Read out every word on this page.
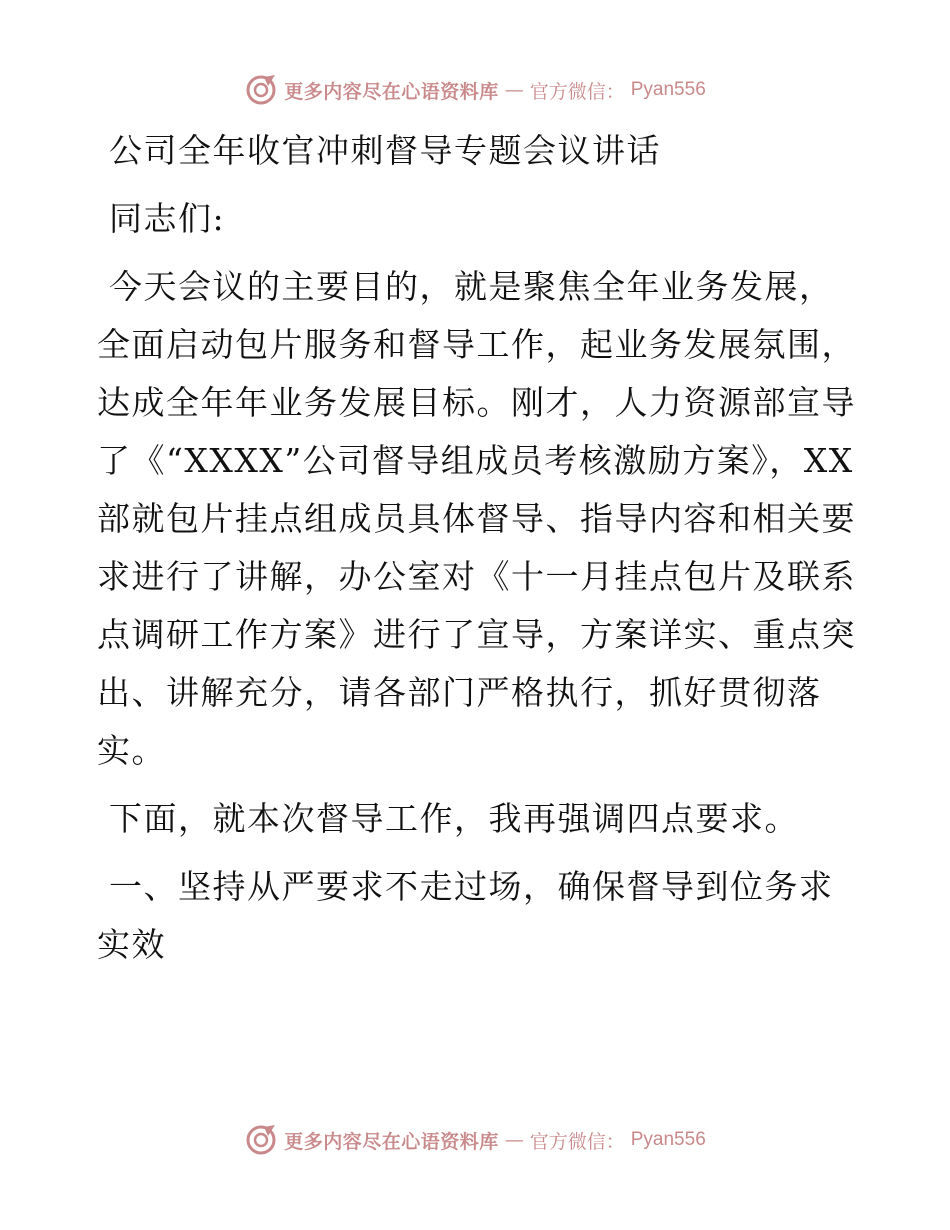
更多内容尽在心语资料库 — 官方微信： Pyan556

公司全年收官冲刺督导专题会议讲话

同志们:

今天会议的主要目的，就是聚焦全年业务发展，全面启动包片服务和督导工作，起业务发展氛围，达成全年年业务发展目标。刚才，人力资源部宣导了《“XXXX”公司督导组成员考核激励方案》，XX部就包片挂点组成员具体督导、指导内容和相关要求进行了讲解，办公室对《十一月挂点包片及联系点调研工作方案》进行了宣导，方案详实、重点突出、讲解充分，请各部门严格执行，抓好贯彻落实。

下面，就本次督导工作，我再强调四点要求。

一、坚持从严要求不走过场，确保督导到位务求实效

更多内容尽在心语资料库 — 官方微信： Pyan556
